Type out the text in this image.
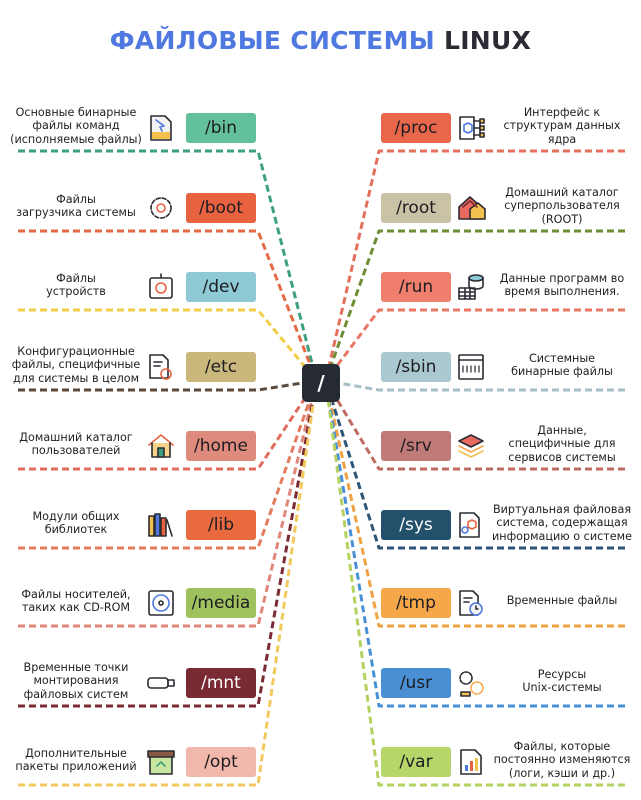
ФАЙЛОВЫЕ СИСТЕМЫ LINUX
/
/bin
Основные бинарные
файлы команд
(исполняемые файлы)
/boot
Файлы
загрузчика системы
/dev
Файлы
устройств
/etc
Конфигурационные
файлы, специфичные
для системы в целом
/home
Домашний каталог
пользователей
/lib
Модули общих
библиотек
/media
Файлы носителей,
таких как CD-ROM
/mnt
Временные точки
монтирования
файловых систем
/opt
Дополнительные
пакеты приложений
/proc
Интерфейс к
структурам данных
ядра
/root
Домашний каталог
суперпользователя
(ROOT)
/run	Данные программ во
время выполнения.
/sbin	Системные
бинарные файлы
/srv
Данные,
специфичные для
сервисов системы
/sys
Виртуальная файловая
система, содержащая
информацию о системе
/tmp	Временные файлы
/usr	Ресурсы
Unix-системы
/var
Файлы, которые
постоянно изменяются
(логи, кэши и др.)
